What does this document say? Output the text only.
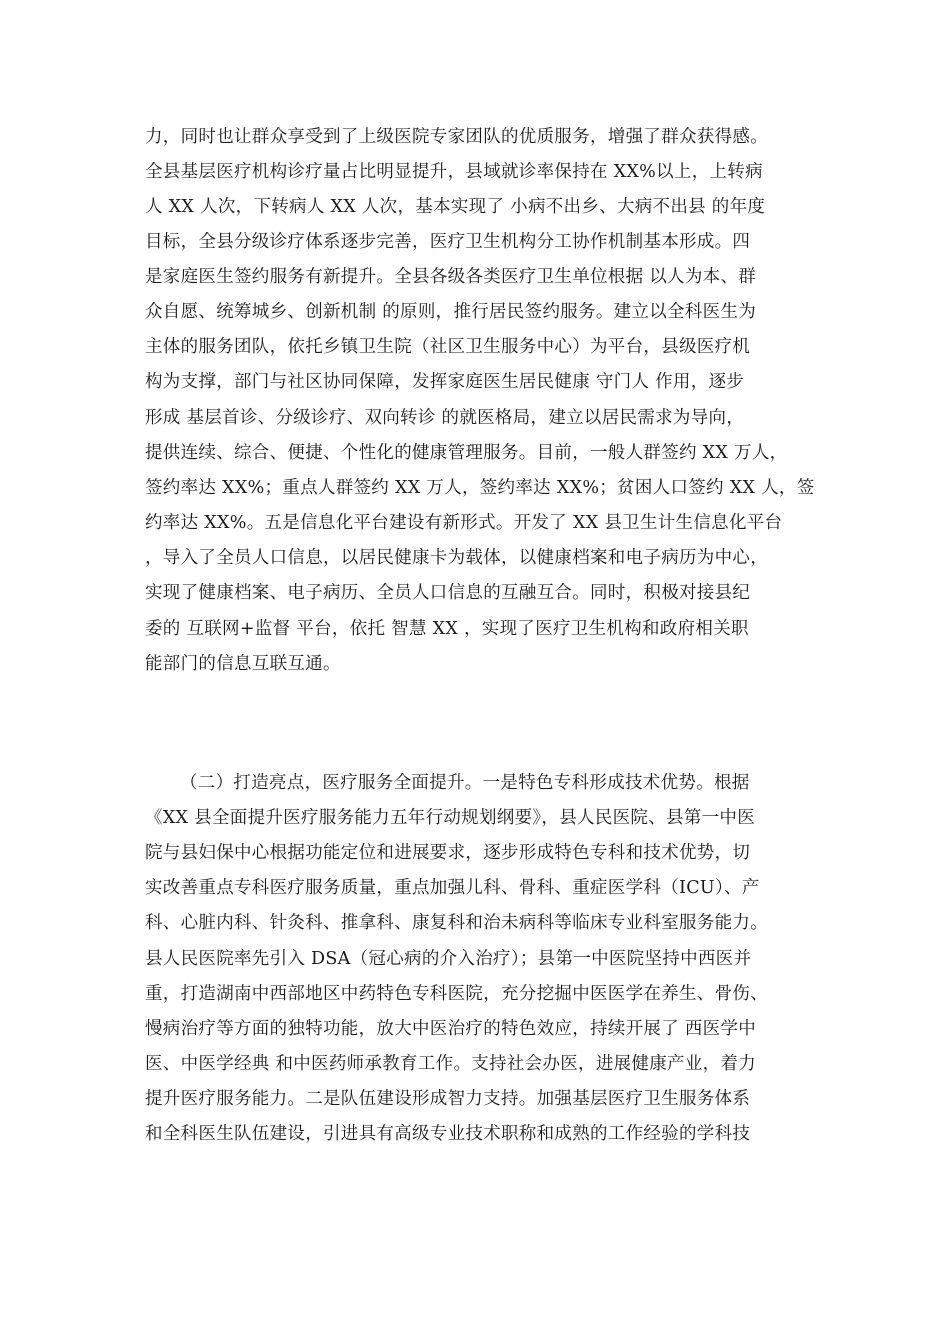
力，同时也让群众享受到了上级医院专家团队的优质服务，增强了群众获得感。
全县基层医疗机构诊疗量占比明显提升，县域就诊率保持在 XX%以上，上转病
人 XX 人次，下转病人 XX 人次，基本实现了 小病不出乡、大病不出县 的年度
目标，全县分级诊疗体系逐步完善，医疗卫生机构分工协作机制基本形成。四
是家庭医生签约服务有新提升。全县各级各类医疗卫生单位根据 以人为本、群
众自愿、统筹城乡、创新机制 的原则，推行居民签约服务。建立以全科医生为
主体的服务团队，依托乡镇卫生院（社区卫生服务中心）为平台，县级医疗机
构为支撑，部门与社区协同保障，发挥家庭医生居民健康 守门人 作用，逐步
形成 基层首诊、分级诊疗、双向转诊 的就医格局，建立以居民需求为导向，
提供连续、综合、便捷、个性化的健康管理服务。目前，一般人群签约 XX 万人，
签约率达 XX%；重点人群签约 XX 万人，签约率达 XX%；贫困人口签约 XX 人，签
约率达 XX%。五是信息化平台建设有新形式。开发了 XX 县卫生计生信息化平台
，导入了全员人口信息，以居民健康卡为载体，以健康档案和电子病历为中心，
实现了健康档案、电子病历、全员人口信息的互融互合。同时，积极对接县纪
委的 互联网+监督 平台，依托 智慧 XX ，实现了医疗卫生机构和政府相关职
能部门的信息互联互通。
（二）打造亮点，医疗服务全面提升。一是特色专科形成技术优势。根据
《XX 县全面提升医疗服务能力五年行动规划纲要》，县人民医院、县第一中医
院与县妇保中心根据功能定位和进展要求，逐步形成特色专科和技术优势，切
实改善重点专科医疗服务质量，重点加强儿科、骨科、重症医学科（ICU）、产
科、心脏内科、针灸科、推拿科、康复科和治未病科等临床专业科室服务能力。
县人民医院率先引入 DSA（冠心病的介入治疗）；县第一中医院坚持中西医并
重，打造湖南中西部地区中药特色专科医院，充分挖掘中医医学在养生、骨伤、
慢病治疗等方面的独特功能，放大中医治疗的特色效应，持续开展了 西医学中
医、中医学经典 和中医药师承教育工作。支持社会办医，进展健康产业，着力
提升医疗服务能力。二是队伍建设形成智力支持。加强基层医疗卫生服务体系
和全科医生队伍建设，引进具有高级专业技术职称和成熟的工作经验的学科技
